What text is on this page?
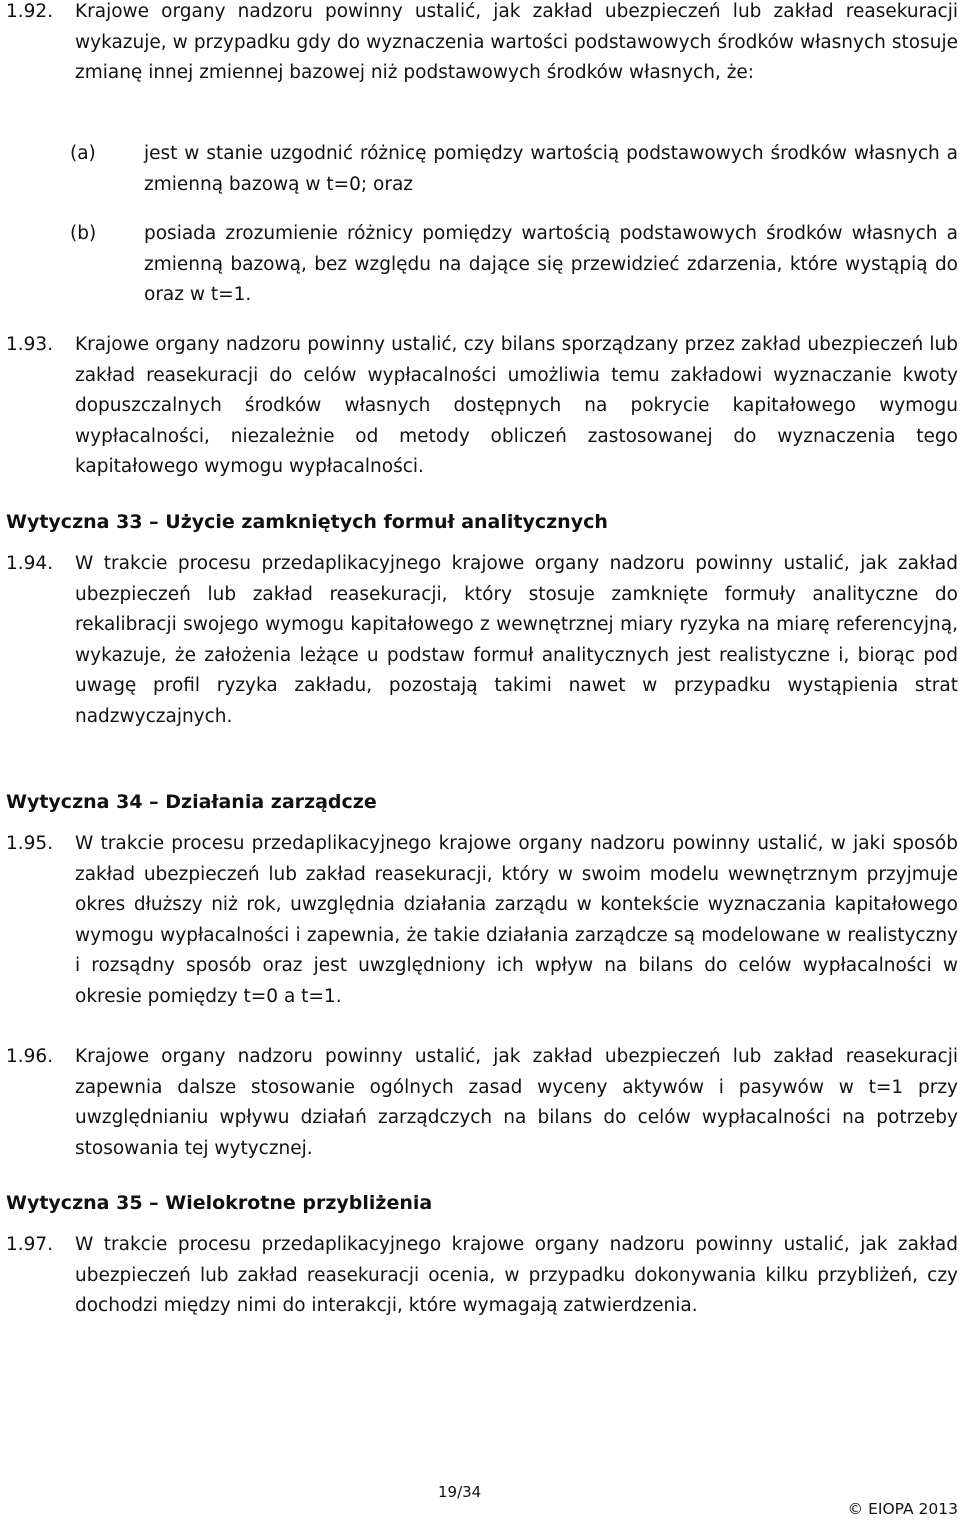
1.92. Krajowe organy nadzoru powinny ustalić, jak zakład ubezpieczeń lub zakład reasekuracji wykazuje, w przypadku gdy do wyznaczenia wartości podstawowych środków własnych stosuje zmianę innej zmiennej bazowej niż podstawowych środków własnych, że:

(a)	jest w stanie uzgodnić różnicę pomiędzy wartością podstawowych środków własnych a zmienną bazową w t=0; oraz
(b)	posiada zrozumienie różnicy pomiędzy wartością podstawowych środków własnych a zmienną bazową, bez względu na dające się przewidzieć zdarzenia, które wystąpią do oraz w t=1.

1.93. Krajowe organy nadzoru powinny ustalić, czy bilans sporządzany przez zakład ubezpieczeń lub zakład reasekuracji do celów wypłacalności umożliwia temu zakładowi wyznaczanie kwoty dopuszczalnych środków własnych dostępnych na pokrycie kapitałowego wymogu wypłacalności, niezależnie od metody obliczeń zastosowanej do wyznaczenia tego kapitałowego wymogu wypłacalności.

Wytyczna 33 – Użycie zamkniętych formuł analitycznych

1.94. W trakcie procesu przedaplikacyjnego krajowe organy nadzoru powinny ustalić, jak zakład ubezpieczeń lub zakład reasekuracji, który stosuje zamknięte formuły analityczne do rekalibracji swojego wymogu kapitałowego z wewnętrznej miary ryzyka na miarę referencyjną, wykazuje, że założenia leżące u podstaw formuł analitycznych jest realistyczne i, biorąc pod uwagę profil ryzyka zakładu, pozostają takimi nawet w przypadku wystąpienia strat nadzwyczajnych.

Wytyczna 34 – Działania zarządcze

1.95. W trakcie procesu przedaplikacyjnego krajowe organy nadzoru powinny ustalić, w jaki sposób zakład ubezpieczeń lub zakład reasekuracji, który w swoim modelu wewnętrznym przyjmuje okres dłuższy niż rok, uwzględnia działania zarządu w kontekście wyznaczania kapitałowego wymogu wypłacalności i zapewnia, że takie działania zarządcze są modelowane w realistyczny i rozsądny sposób oraz jest uwzględniony ich wpływ na bilans do celów wypłacalności w okresie pomiędzy t=0 a t=1.

1.96. Krajowe organy nadzoru powinny ustalić, jak zakład ubezpieczeń lub zakład reasekuracji zapewnia dalsze stosowanie ogólnych zasad wyceny aktywów i pasywów w t=1 przy uwzględnianiu wpływu działań zarządczych na bilans do celów wypłacalności na potrzeby stosowania tej wytycznej.

Wytyczna 35 – Wielokrotne przybliżenia

1.97. W trakcie procesu przedaplikacyjnego krajowe organy nadzoru powinny ustalić, jak zakład ubezpieczeń lub zakład reasekuracji ocenia, w przypadku dokonywania kilku przybliżeń, czy dochodzi między nimi do interakcji, które wymagają zatwierdzenia.

19/34
© EIOPA 2013
